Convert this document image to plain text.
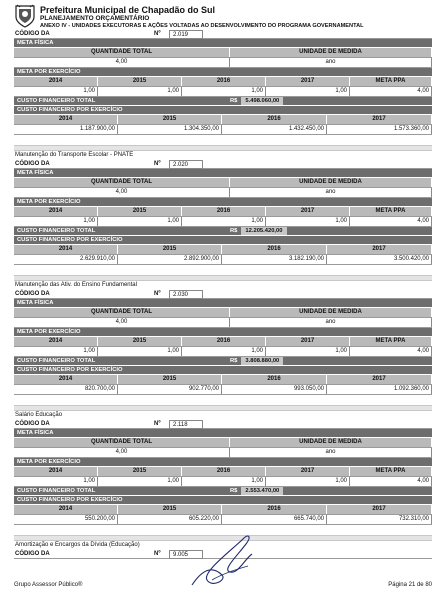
Prefeitura Municipal de Chapadão do Sul
PLANEJAMENTO ORÇAMENTÁRIO
ANEXO IV - UNIDADES EXECUTORAS E AÇÕES VOLTADAS AO DESENVOLVIMENTO DO PROGRAMA GOVERNAMENTAL
CÓDIGO DA	Nº	2.019
META FÍSICA
QUANTIDADE TOTAL	UNIDADE DE MEDIDA
4,00	ano
META POR EXERCÍCIO
2014	2015	2016	2017	META PPA
1,00	1,00	1,00	1,00	4,00
CUSTO FINANCEIRO TOTAL	R$	5.498.060,00
CUSTO FINANCEIRO POR EXERCÍCIO
2014	2015	2016	2017
1.187.900,00	1.304.350,00	1.432.450,00	1.573.360,00
Manutenção do Transporte Escolar - PNATE
CÓDIGO DA	Nº	2.020
META FÍSICA
QUANTIDADE TOTAL	UNIDADE DE MEDIDA
4,00	ano
META POR EXERCÍCIO
2014	2015	2016	2017	META PPA
1,00	1,00	1,00	1,00	4,00
CUSTO FINANCEIRO TOTAL	R$	12.205.420,00
CUSTO FINANCEIRO POR EXERCÍCIO
2014	2015	2016	2017
2.629.910,00	2.892.900,00	3.182.190,00	3.500.420,00
Manutenção das Ativ. do Ensino Fundamental
CÓDIGO DA	Nº	2.030
META FÍSICA
QUANTIDADE TOTAL	UNIDADE DE MEDIDA
4,00	ano
META POR EXERCÍCIO
2014	2015	2016	2017	META PPA
1,00	1,00	1,00	1,00	4,00
CUSTO FINANCEIRO TOTAL	R$	3.808.880,00
CUSTO FINANCEIRO POR EXERCÍCIO
2014	2015	2016	2017
820.700,00	902.770,00	993.050,00	1.092.360,00
Salário Educação
CÓDIGO DA	Nº	2.118
META FÍSICA
QUANTIDADE TOTAL	UNIDADE DE MEDIDA
4,00	ano
META POR EXERCÍCIO
2014	2015	2016	2017	META PPA
1,00	1,00	1,00	1,00	4,00
CUSTO FINANCEIRO TOTAL	R$	2.553.470,00
CUSTO FINANCEIRO POR EXERCÍCIO
2014	2015	2016	2017
550.200,00	605.220,00	665.740,00	732.310,00
Amortização e Encargos da Dívida (Educação)
CÓDIGO DA	Nº	9.005
Grupo Assessor Público®	Página 21 de 80
